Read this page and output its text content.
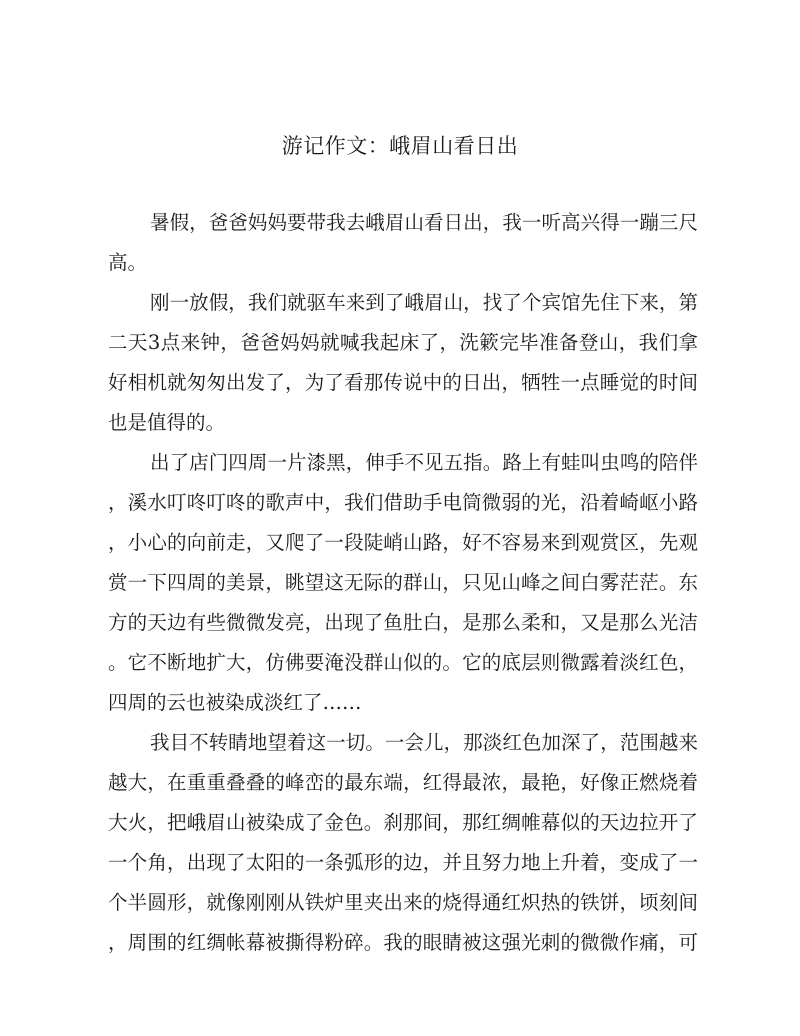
游记作文：峨眉山看日出
暑假，爸爸妈妈要带我去峨眉山看日出，我一听高兴得一蹦三尺
高。
刚一放假，我们就驱车来到了峨眉山，找了个宾馆先住下来，第
二天3点来钟，爸爸妈妈就喊我起床了，洗簌完毕准备登山，我们拿
好相机就匆匆出发了，为了看那传说中的日出，牺牲一点睡觉的时间
也是值得的。
出了店门四周一片漆黑，伸手不见五指。路上有蛙叫虫鸣的陪伴
，溪水叮咚叮咚的歌声中，我们借助手电筒微弱的光，沿着崎岖小路
，小心的向前走，又爬了一段陡峭山路，好不容易来到观赏区，先观
赏一下四周的美景，眺望这无际的群山，只见山峰之间白雾茫茫。东
方的天边有些微微发亮，出现了鱼肚白，是那么柔和，又是那么光洁
。它不断地扩大，仿佛要淹没群山似的。它的底层则微露着淡红色，
四周的云也被染成淡红了……
我目不转睛地望着这一切。一会儿，那淡红色加深了，范围越来
越大，在重重叠叠的峰峦的最东端，红得最浓，最艳，好像正燃烧着
大火，把峨眉山被染成了金色。刹那间，那红绸帷幕似的天边拉开了
一个角，出现了太阳的一条弧形的边，并且努力地上升着，变成了一
个半圆形，就像刚刚从铁炉里夹出来的烧得通红炽热的铁饼，顷刻间
，周围的红绸帐幕被撕得粉碎。我的眼睛被这强光刺的微微作痛，可
